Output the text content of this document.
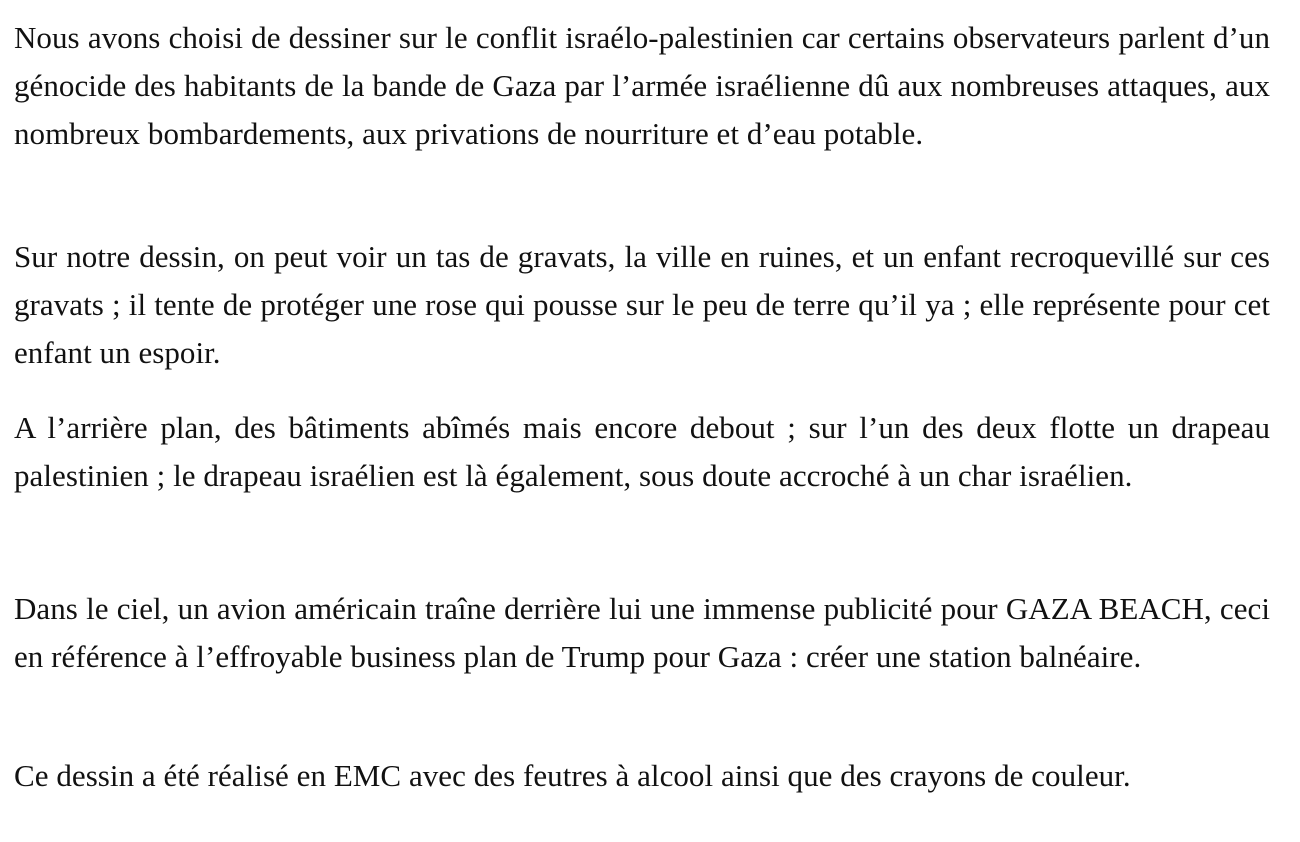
Nous avons choisi de dessiner sur le conflit israélo-palestinien car certains observateurs parlent d’un génocide des habitants de la bande de Gaza par l’armée israélienne dû aux nombreuses attaques, aux nombreux bombardements, aux privations de nourriture et d’eau potable.

Sur notre dessin, on peut voir un tas de gravats, la ville en ruines, et un enfant recroquevillé sur ces gravats ; il tente de protéger une rose qui pousse sur le peu de terre qu’il ya ; elle représente pour cet enfant un espoir.

A l’arrière plan, des bâtiments abîmés mais encore debout ; sur l’un des deux flotte un drapeau palestinien ; le drapeau israélien est là également, sous doute accroché à un char israélien.

Dans le ciel, un avion américain traîne derrière lui une immense publicité pour GAZA BEACH, ceci en référence à l’effroyable business plan de Trump pour Gaza : créer une station balnéaire.

Ce dessin a été réalisé en EMC avec des feutres à alcool ainsi que des crayons de couleur.
